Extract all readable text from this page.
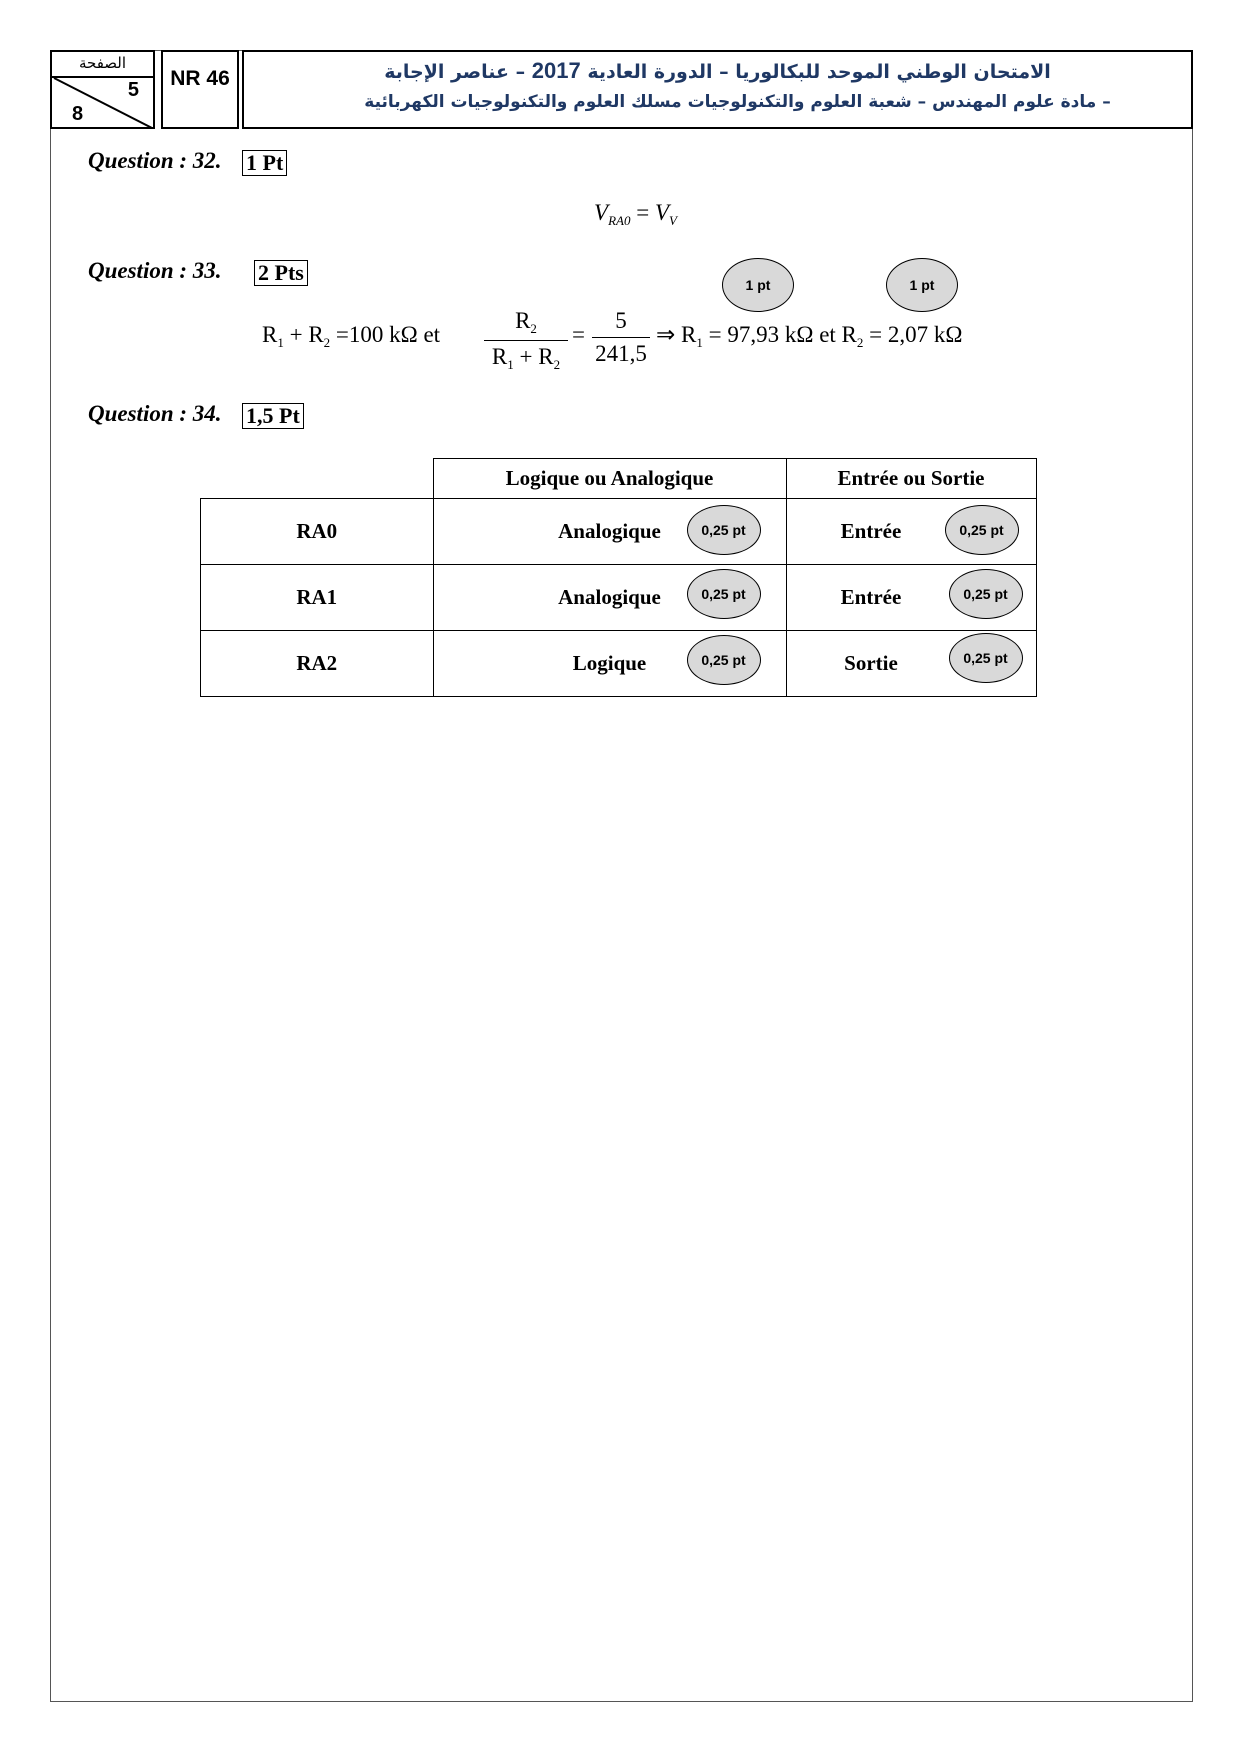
الصفحة
5
8
NR 46	الامتحان الوطني الموحد للبكالوريا – الدورة العادية 2017 – عناصر الإجابة
– مادة علوم المهندس – شعبة العلوم والتكنولوجيات مسلك العلوم والتكنولوجيات الكهربائية
Question : 32. 1 Pt
$V_{RA0} = V_V$
Question : 33. 2 Pts	1 pt	1 pt
$R_1 + R_2 =100$ kΩ et
$R_2$
$R_1 + R_2$
=
5
241,5
⇒ $R_1 = 97,93$ kΩ et $R_2 = 2,07$ kΩ
Question : 34. 1,5 Pt
	Logique ou Analogique	Entrée ou Sortie
RA0	Analogique 0,25 pt	Entrée 0,25 pt

RA1	Analogique 0,25 pt	Entrée 0,25 pt

RA2	Logique 0,25 pt	Sortie 0,25 pt
